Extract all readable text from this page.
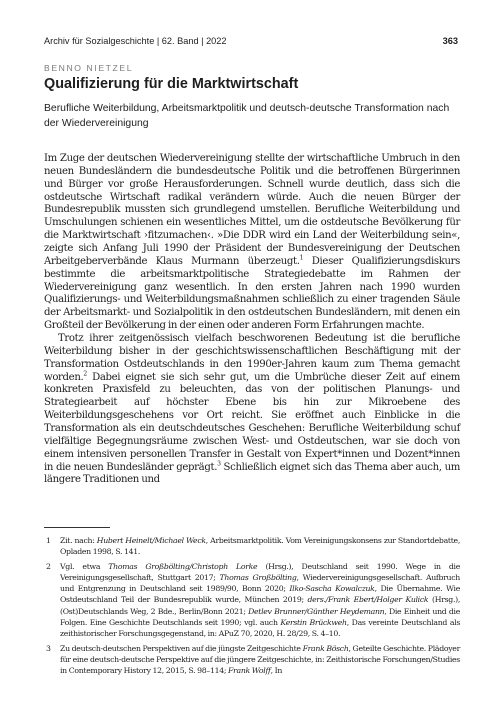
Archiv für Sozialgeschichte | 62. Band | 2022	363
BENNO NIETZEL
Qualifizierung für die Marktwirtschaft

Berufliche Weiterbildung, Arbeitsmarktpolitik und deutsch-deutsche Transformation nach der Wiedervereinigung

Im Zuge der deutschen Wiedervereinigung stellte der wirtschaftliche Umbruch in den neuen Bundesländern die bundesdeutsche Politik und die betroffenen Bürgerinnen und Bürger vor große Herausforderungen. Schnell wurde deutlich, dass sich die ostdeutsche Wirtschaft radikal verändern würde. Auch die neuen Bürger der Bundesrepublik mussten sich grundlegend umstellen. Berufliche Weiterbildung und Umschulungen schienen ein wesentliches Mittel, um die ostdeutsche Bevölkerung für die Marktwirtschaft ›fitzumachen‹. »Die DDR wird ein Land der Weiterbildung sein«, zeigte sich Anfang Juli 1990 der Präsident der Bundesvereinigung der Deutschen Arbeitgeberverbände Klaus Murmann überzeugt.$^1$ Dieser Qualifizierungsdiskurs bestimmte die arbeitsmarktpolitische Strategiedebatte im Rahmen der Wiedervereinigung ganz wesentlich. In den ersten Jahren nach 1990 wurden Qualifizierungs- und Weiterbildungsmaßnahmen schließlich zu einer tragenden Säule der Arbeitsmarkt- und Sozialpolitik in den ostdeutschen Bundesländern, mit denen ein Großteil der Bevölkerung in der einen oder anderen Form Erfahrungen machte.

Trotz ihrer zeitgenössisch vielfach beschworenen Bedeutung ist die berufliche Weiterbildung bisher in der geschichtswissenschaftlichen Beschäftigung mit der Transformation Ostdeutschlands in den 1990er-Jahren kaum zum Thema gemacht worden.$^2$ Dabei eignet sie sich sehr gut, um die Umbrüche dieser Zeit auf einem konkreten Praxisfeld zu beleuchten, das von der politischen Planungs- und Strategiearbeit auf höchster Ebene bis hin zur Mikroebene des Weiterbildungsgeschehens vor Ort reicht. Sie eröffnet auch Einblicke in die Transformation als ein deutschdeutsches Geschehen: Berufliche Weiterbildung schuf vielfältige Begegnungsräume zwischen West- und Ostdeutschen, war sie doch von einem intensiven personellen Transfer in Gestalt von Expert*innen und Dozent*innen in die neuen Bundesländer geprägt.$^3$ Schließlich eignet sich das Thema aber auch, um längere Traditionen und

1 Zit. nach: Hubert Heinelt/Michael Weck, Arbeitsmarktpolitik. Vom Vereinigungskonsens zur Standortdebatte, Opladen 1998, S. 141.
2 Vgl. etwa Thomas Großbölting/Christoph Lorke (Hrsg.), Deutschland seit 1990. Wege in die Vereinigungsgesellschaft, Stuttgart 2017; Thomas Großbölting, Wiedervereinigungsgesellschaft. Aufbruch und Entgrenzung in Deutschland seit 1989/90, Bonn 2020; Ilko-Sascha Kowalczuk, Die Übernahme. Wie Ostdeutschland Teil der Bundesrepublik wurde, München 2019; ders./Frank Ebert/Holger Kulick (Hrsg.), (Ost)Deutschlands Weg, 2 Bde., Berlin/Bonn 2021; Detlev Brunner/Günther Heydemann, Die Einheit und die Folgen. Eine Geschichte Deutschlands seit 1990; vgl. auch Kerstin Brückweh, Das vereinte Deutschland als zeithistorischer Forschungsgegenstand, in: APuZ 70, 2020, H. 28/29, S. 4–10.
3 Zu deutsch-deutschen Perspektiven auf die jüngste Zeitgeschichte Frank Bösch, Geteilte Geschichte. Plädoyer für eine deutsch-deutsche Perspektive auf die jüngere Zeitgeschichte, in: Zeithistorische Forschungen/Studies in Contemporary History 12, 2015, S. 98–114; Frank Wolff, In
